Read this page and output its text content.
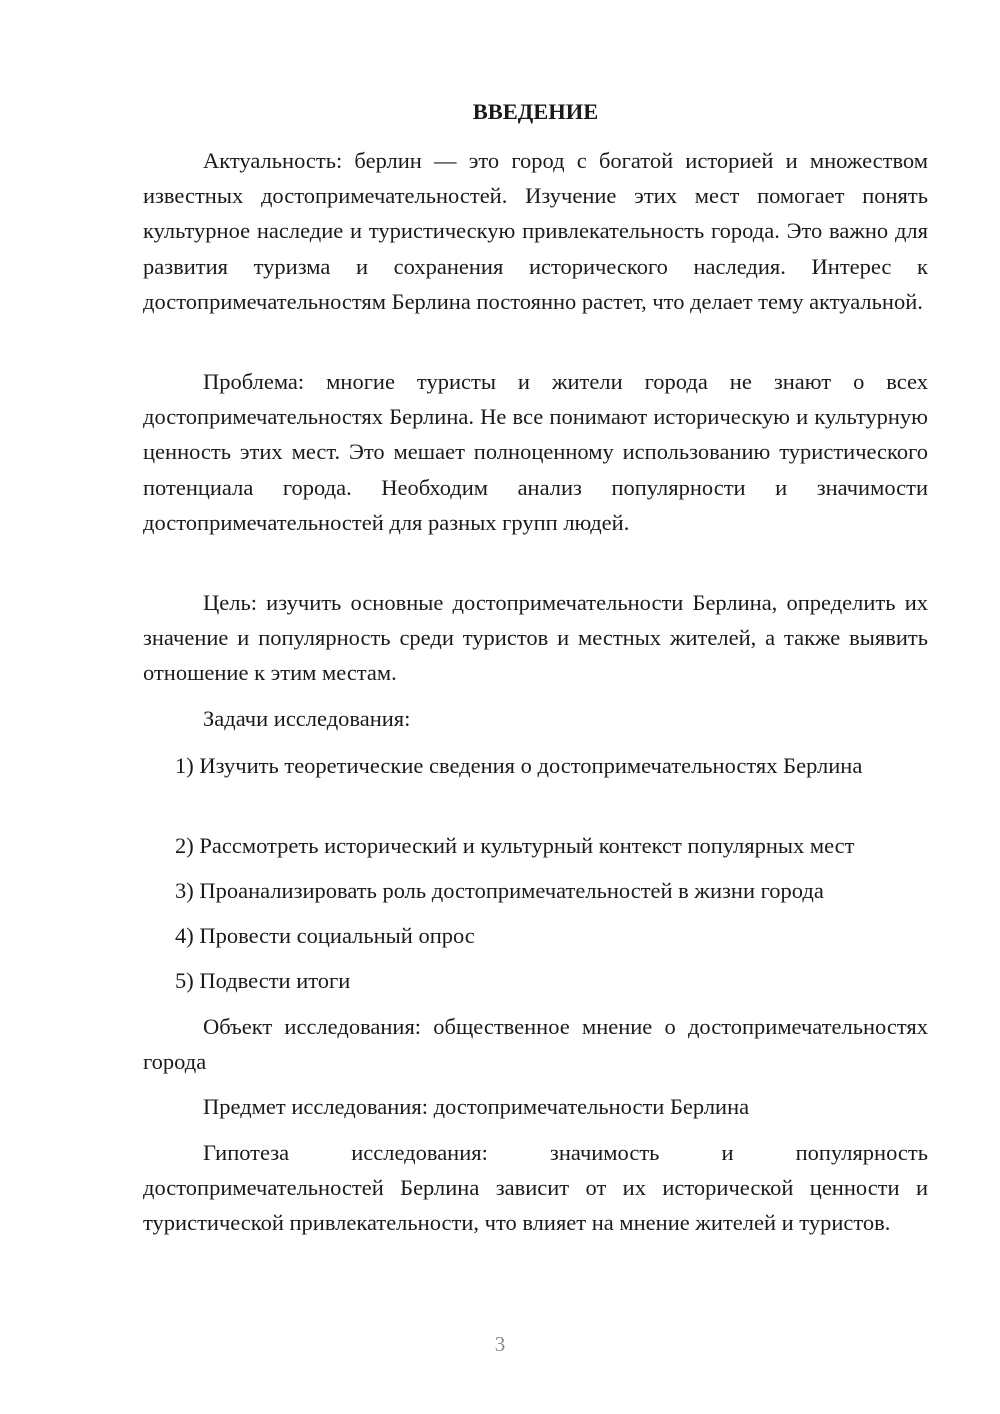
ВВЕДЕНИЕ

Актуальность: берлин — это город с богатой историей и множеством известных достопримечательностей. Изучение этих мест помогает понять культурное наследие и туристическую привлекательность города. Это важно для развития туризма и сохранения исторического наследия. Интерес к достопримечательностям Берлина постоянно растет, что делает тему актуальной.

Проблема: многие туристы и жители города не знают о всех достопримечательностях Берлина. Не все понимают историческую и культурную ценность этих мест. Это мешает полноценному использованию туристического потенциала города. Необходим анализ популярности и значимости достопримечательностей для разных групп людей.

Цель: изучить основные достопримечательности Берлина, определить их значение и популярность среди туристов и местных жителей, а также выявить отношение к этим местам.

Задачи исследования:

1) Изучить теоретические сведения о достопримечательностях Берлина

2) Рассмотреть исторический и культурный контекст популярных мест

3) Проанализировать роль достопримечательностей в жизни города

4) Провести социальный опрос

5) Подвести итоги

Объект исследования: общественное мнение о достопримечательностях города

Предмет исследования: достопримечательности Берлина

Гипотеза исследования: значимость и популярность достопримечательностей Берлина зависит от их исторической ценности и туристической привлекательности, что влияет на мнение жителей и туристов.

3
